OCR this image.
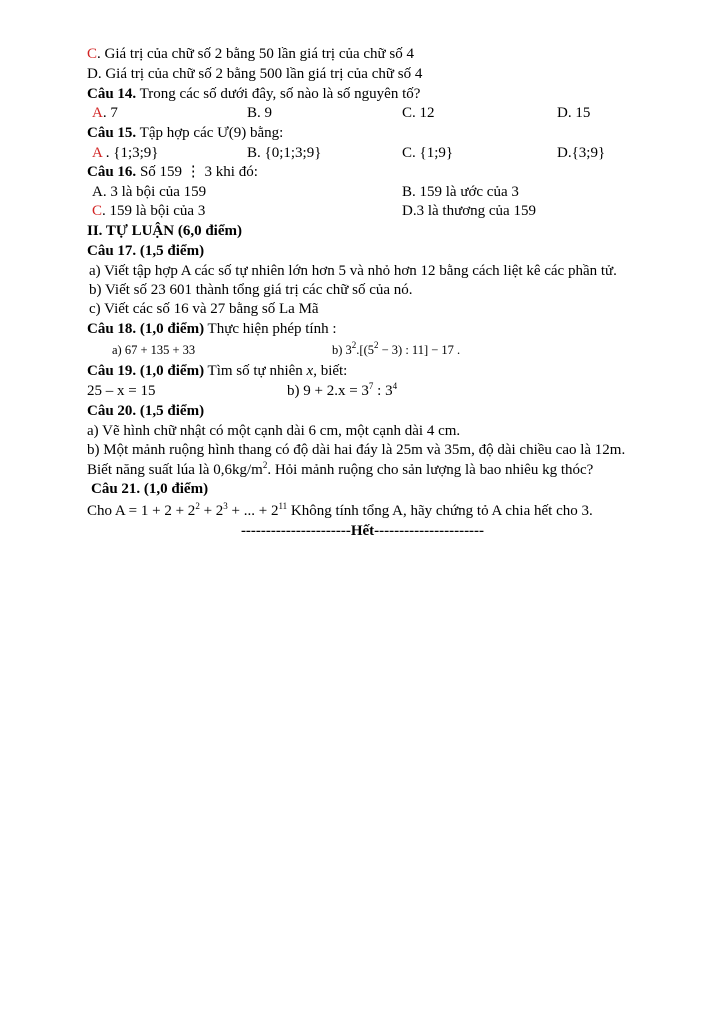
C. Giá trị của chữ số 2 bằng 50 lần giá trị của chữ số 4
D. Giá trị của chữ số 2 bằng 500 lần giá trị của chữ số 4
Câu 14. Trong các số dưới đây, số nào là số nguyên tố?
A. 7	B. 9	C. 12	D. 15
Câu 15. Tập hợp các Ư(9) bằng:
A . {1;3;9}	B. {0;1;3;9}	C. {1;9}	D.{3;9}
Câu 16. Số 159 ⋮ 3 khi đó:
A. 3 là bội của 159	B. 159 là ước của 3
C. 159 là bội của 3	D.3 là thương của 159
II. TỰ LUẬN (6,0 điểm)
Câu 17. (1,5 điểm)
a) Viết tập hợp A các số tự nhiên lớn hơn 5 và nhỏ hơn 12 bằng cách liệt kê các phần tử.
b) Viết số 23 601 thành tổng giá trị các chữ số của nó.
c) Viết các số 16 và 27 bằng số La Mã
Câu 18. (1,0 điểm) Thực hiện phép tính :
a) 67 + 135 + 33	b) $3^2.[(5^2 - 3)$ : 11] − 17 .
Câu 19. (1,0 điểm) Tìm số tự nhiên x, biết:
25 – x = 15	b) $9 + 2.x = 3^7$ : $3^4$
Câu 20. (1,5 điểm)
a) Vẽ hình chữ nhật có một cạnh dài 6 cm, một cạnh dài 4 cm.
b) Một mảnh ruộng hình thang có độ dài hai đáy là 25m và 35m, độ dài chiều cao là 12m.
Biết năng suất lúa là $0,6kg/m^2$. Hỏi mảnh ruộng cho sản lượng là bao nhiêu kg thóc?
Câu 21. (1,0 điểm)
Cho $A = 1 + 2 + 2^2 + 2^3$ + ... + $2^{11}$ Không tính tổng A, hãy chứng tỏ A chia hết cho 3.
----------------------Hết----------------------
